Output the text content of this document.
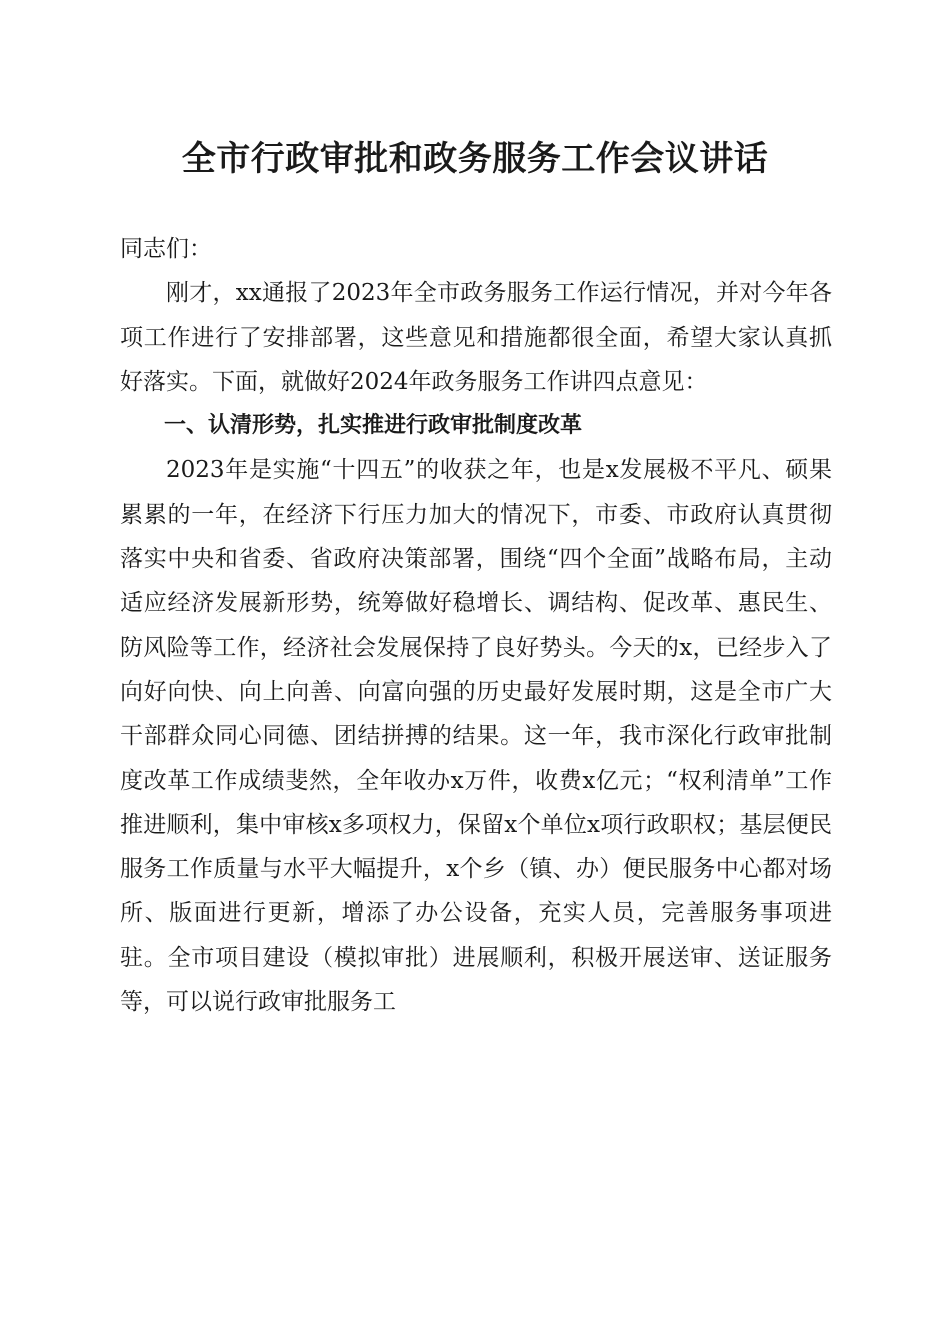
全市行政审批和政务服务工作会议讲话

同志们：

刚才，xx通报了2023年全市政务服务工作运行情况，并对今年各项工作进行了安排部署，这些意见和措施都很全面，希望大家认真抓好落实。下面，就做好2024年政务服务工作讲四点意见：

一、认清形势，扎实推进行政审批制度改革

2023年是实施“十四五”的收获之年，也是x发展极不平凡、硕果累累的一年，在经济下行压力加大的情况下，市委、市政府认真贯彻落实中央和省委、省政府决策部署，围绕“四个全面”战略布局，主动适应经济发展新形势，统筹做好稳增长、调结构、促改革、惠民生、防风险等工作，经济社会发展保持了良好势头。今天的x，已经步入了向好向快、向上向善、向富向强的历史最好发展时期，这是全市广大干部群众同心同德、团结拼搏的结果。这一年，我市深化行政审批制度改革工作成绩斐然，全年收办x万件，收费x亿元；“权利清单”工作推进顺利，集中审核x多项权力，保留x个单位x项行政职权；基层便民服务工作质量与水平大幅提升，x个乡（镇、办）便民服务中心都对场所、版面进行更新，增添了办公设备，充实人员，完善服务事项进驻。全市项目建设（模拟审批）进展顺利，积极开展送审、送证服务等，可以说行政审批服务工
